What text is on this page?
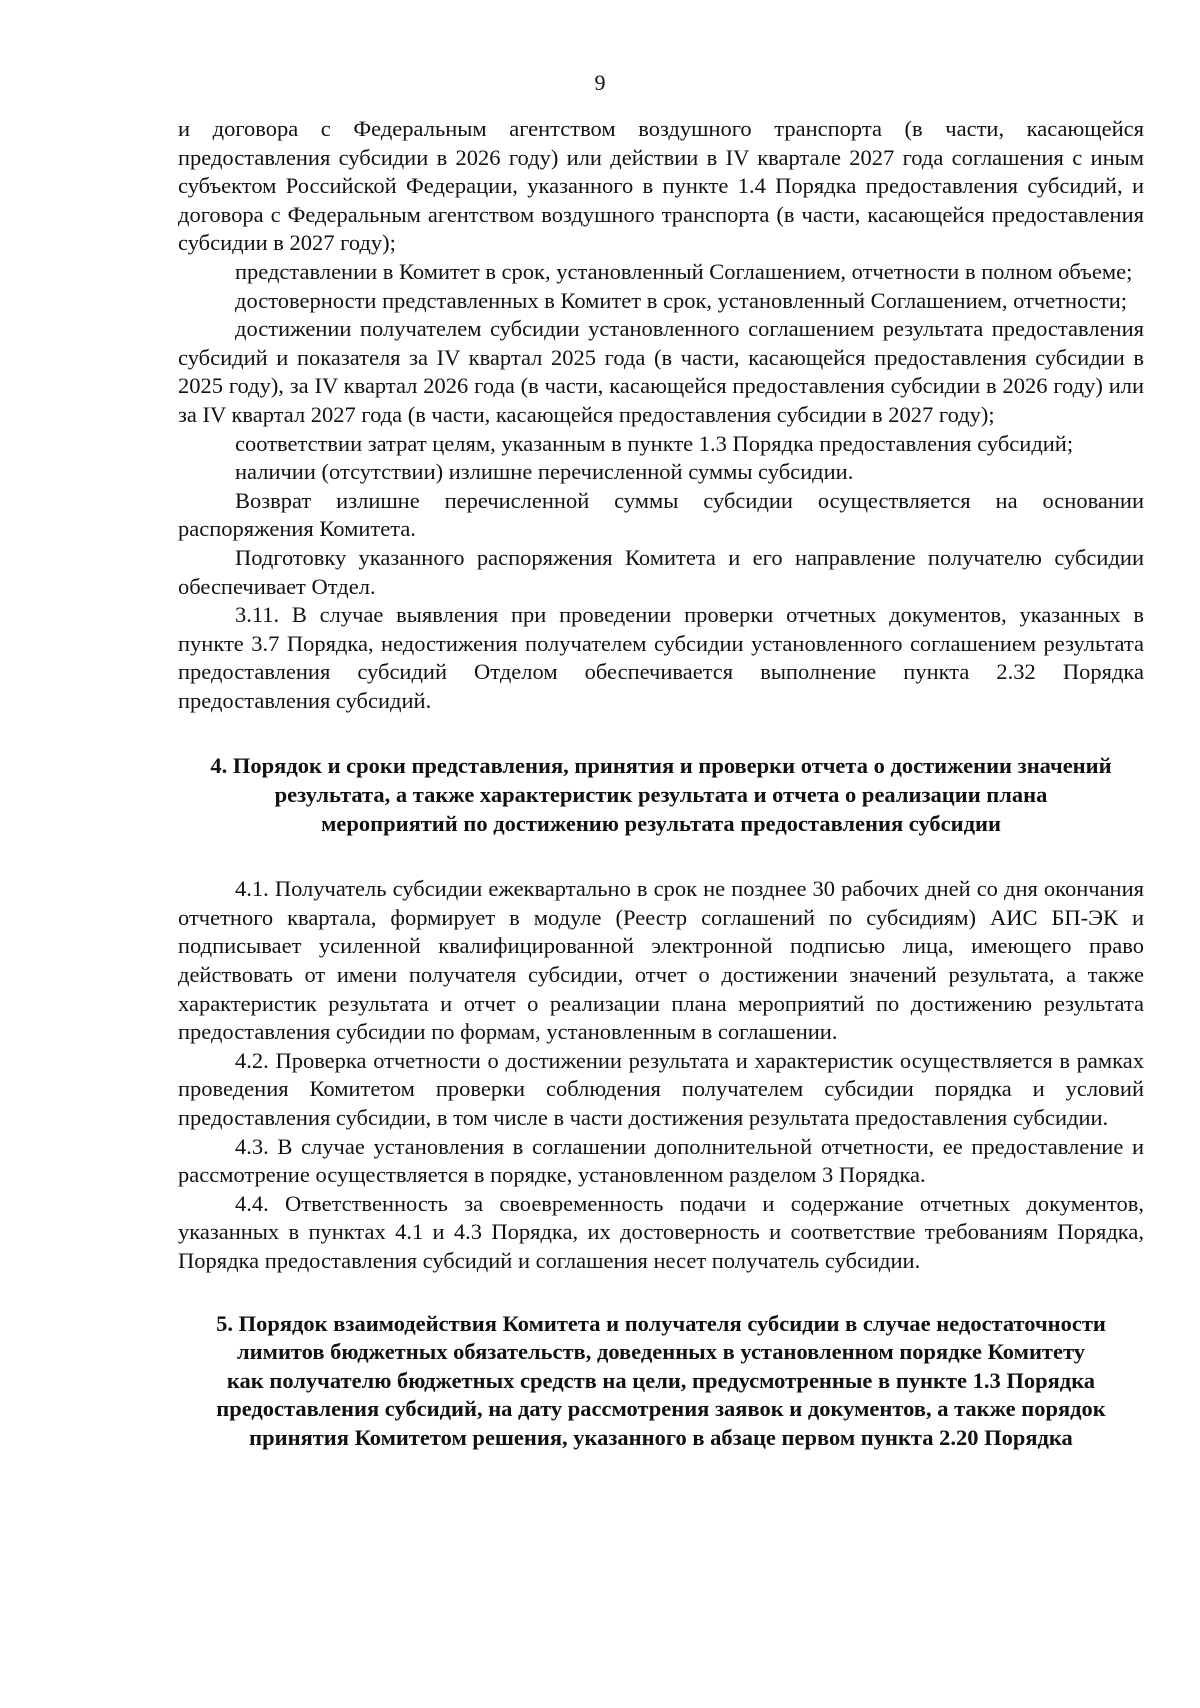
9

и договора с Федеральным агентством воздушного транспорта (в части, касающейся предоставления субсидии в 2026 году) или действии в IV квартале 2027 года соглашения с иным субъектом Российской Федерации, указанного в пункте 1.4 Порядка предоставления субсидий, и договора с Федеральным агентством воздушного транспорта (в части, касающейся предоставления субсидии в 2027 году);

представлении в Комитет в срок, установленный Соглашением, отчетности в полном объеме;

достоверности представленных в Комитет в срок, установленный Соглашением, отчетности;

достижении получателем субсидии установленного соглашением результата предоставления субсидий и показателя за IV квартал 2025 года (в части, касающейся предоставления субсидии в 2025 году), за IV квартал 2026 года (в части, касающейся предоставления субсидии в 2026 году) или за IV квартал 2027 года (в части, касающейся предоставления субсидии в 2027 году);

соответствии затрат целям, указанным в пункте 1.3 Порядка предоставления субсидий;

наличии (отсутствии) излишне перечисленной суммы субсидии.

Возврат излишне перечисленной суммы субсидии осуществляется на основании распоряжения Комитета.

Подготовку указанного распоряжения Комитета и его направление получателю субсидии обеспечивает Отдел.

3.11. В случае выявления при проведении проверки отчетных документов, указанных в пункте 3.7 Порядка, недостижения получателем субсидии установленного соглашением результата предоставления субсидий Отделом обеспечивается выполнение пункта 2.32 Порядка предоставления субсидий.

4. Порядок и сроки представления, принятия и проверки отчета о достижении значений
результата, а также характеристик результата и отчета о реализации плана
мероприятий по достижению результата предоставления субсидии

4.1. Получатель субсидии ежеквартально в срок не позднее 30 рабочих дней со дня окончания отчетного квартала, формирует в модуле (Реестр соглашений по субсидиям) АИС БП-ЭК и подписывает усиленной квалифицированной электронной подписью лица, имеющего право действовать от имени получателя субсидии, отчет о достижении значений результата, а также характеристик результата и отчет о реализации плана мероприятий по достижению результата предоставления субсидии по формам, установленным в соглашении.

4.2. Проверка отчетности о достижении результата и характеристик осуществляется в рамках проведения Комитетом проверки соблюдения получателем субсидии порядка и условий предоставления субсидии, в том числе в части достижения результата предоставления субсидии.

4.3. В случае установления в соглашении дополнительной отчетности, ее предоставление и рассмотрение осуществляется в порядке, установленном разделом 3 Порядка.

4.4. Ответственность за своевременность подачи и содержание отчетных документов, указанных в пунктах 4.1 и 4.3 Порядка, их достоверность и соответствие требованиям Порядка, Порядка предоставления субсидий и соглашения несет получатель субсидии.

5. Порядок взаимодействия Комитета и получателя субсидии в случае недостаточности
лимитов бюджетных обязательств, доведенных в установленном порядке Комитету
как получателю бюджетных средств на цели, предусмотренные в пункте 1.3 Порядка
предоставления субсидий, на дату рассмотрения заявок и документов, а также порядок
принятия Комитетом решения, указанного в абзаце первом пункта 2.20 Порядка
